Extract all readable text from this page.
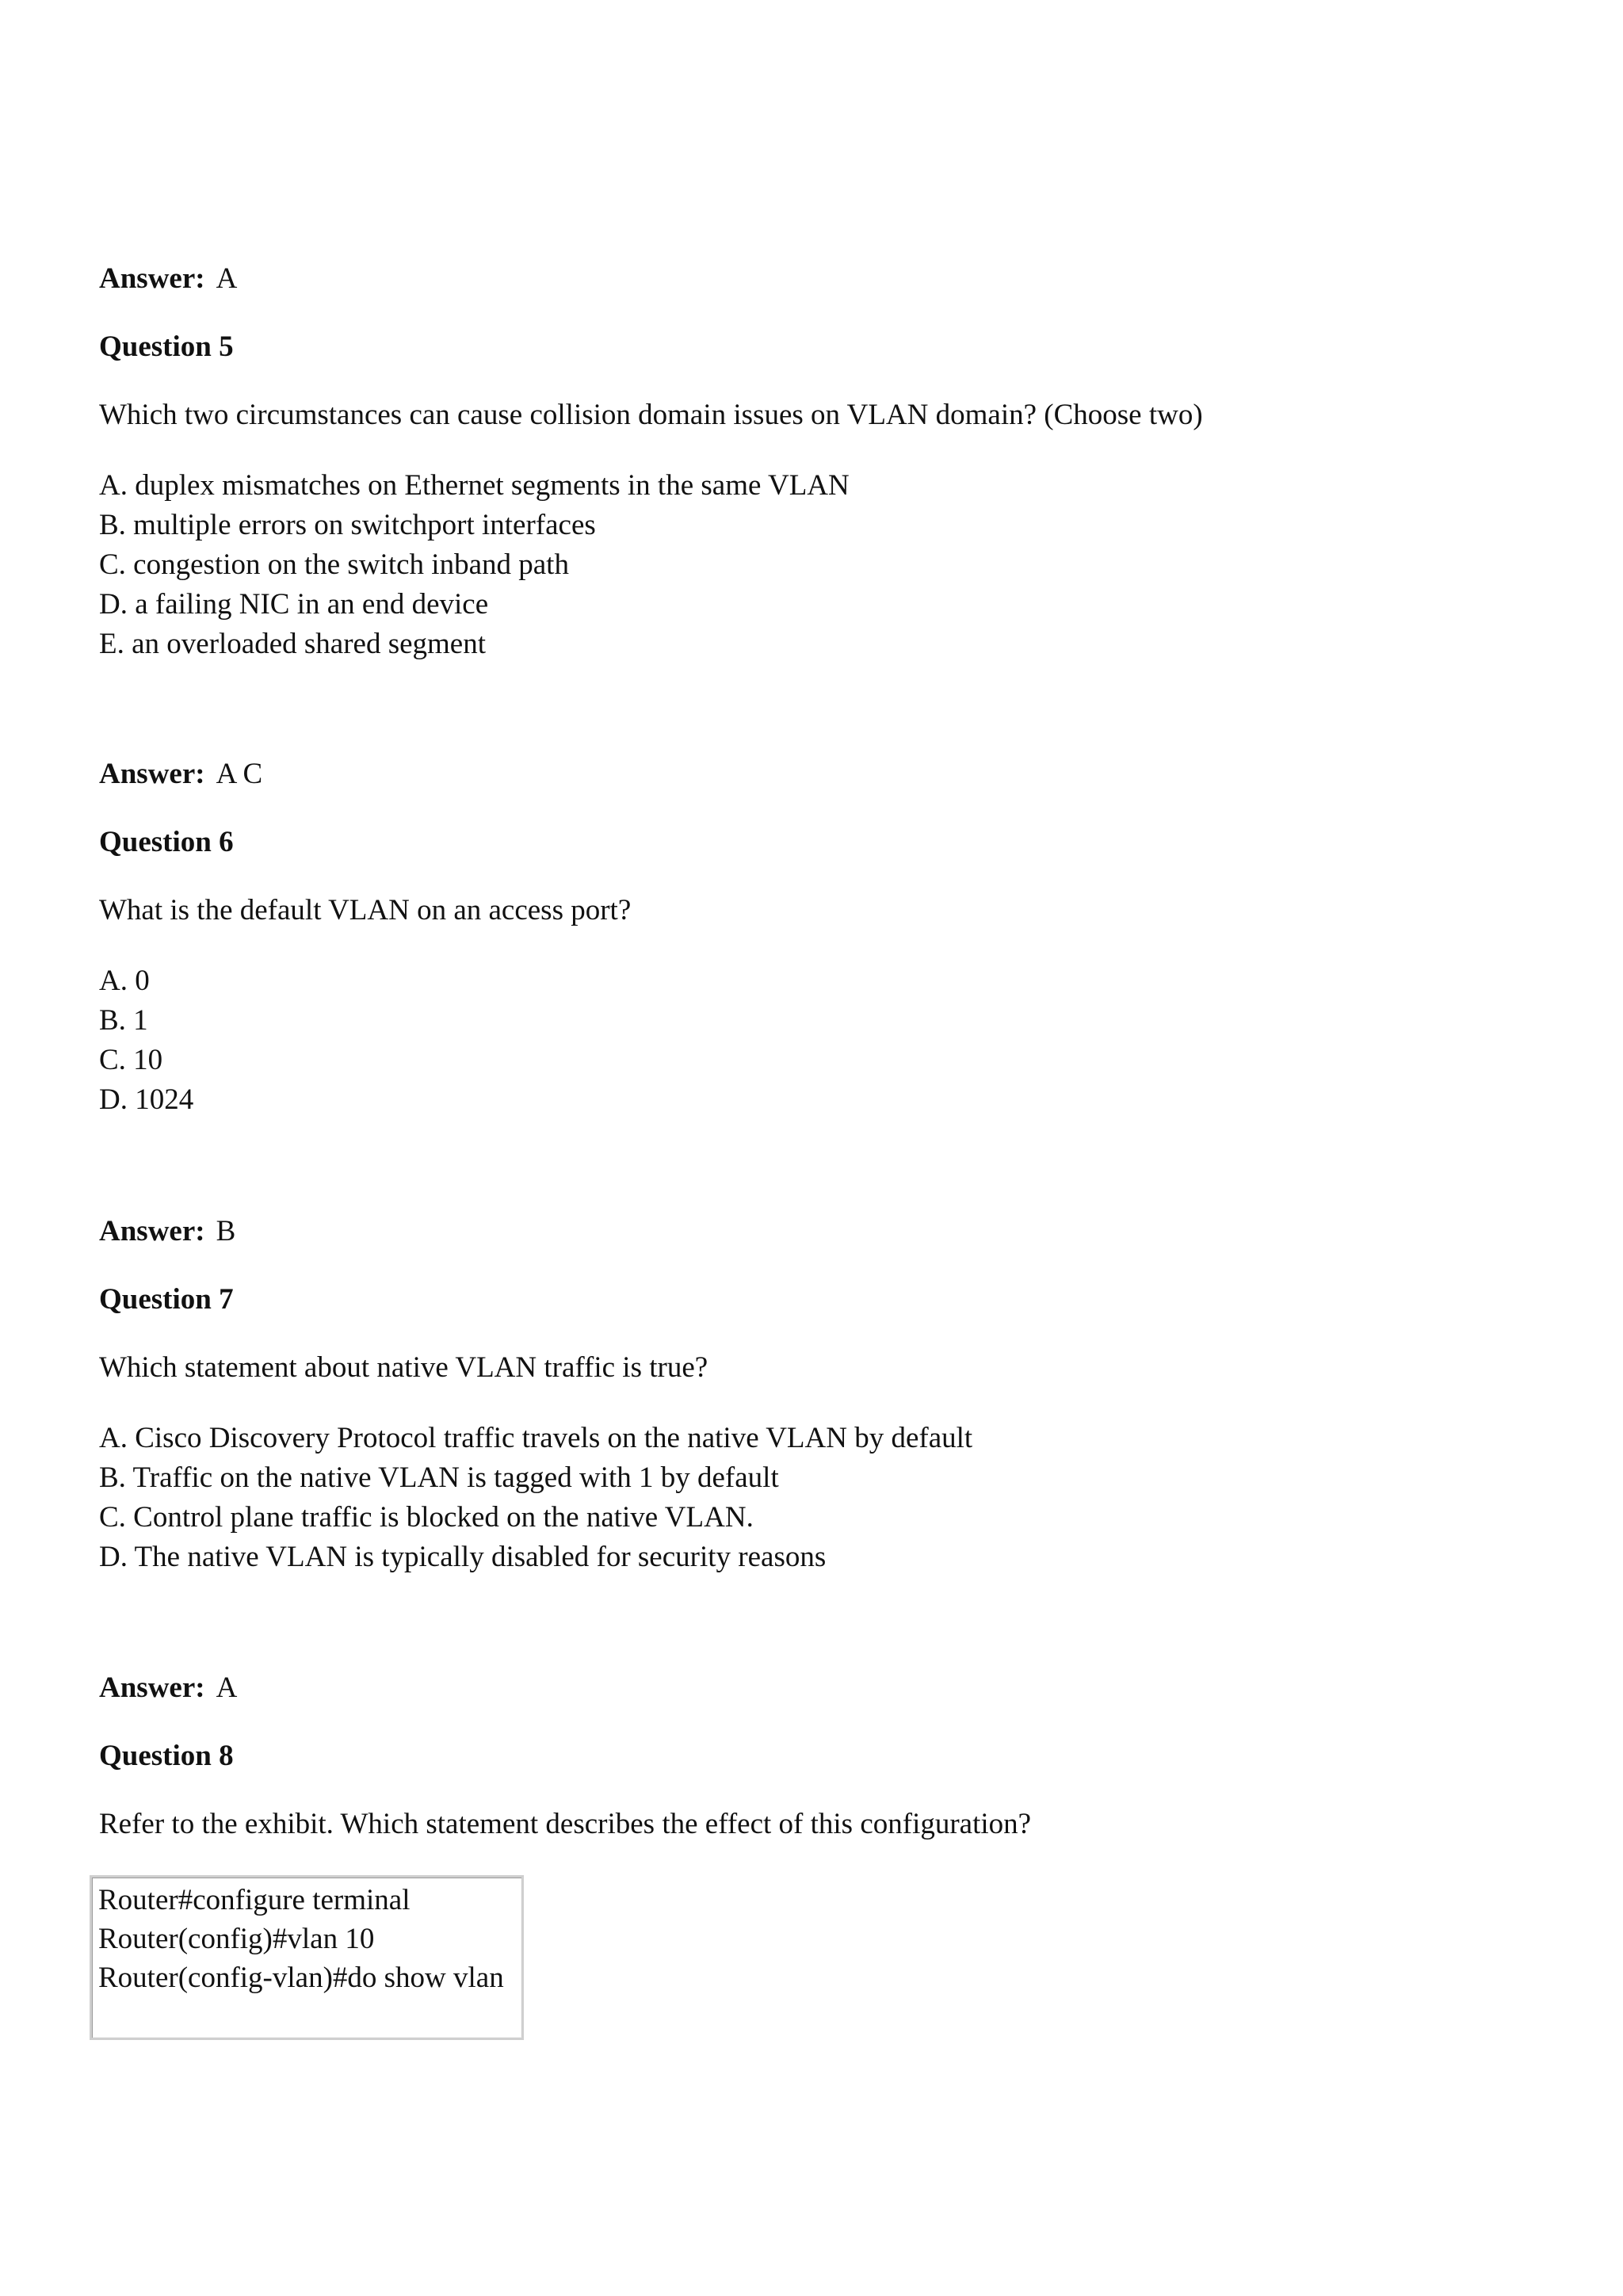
Answer: A

Question 5

Which two circumstances can cause collision domain issues on VLAN domain? (Choose two)

A. duplex mismatches on Ethernet segments in the same VLAN
B. multiple errors on switchport interfaces
C. congestion on the switch inband path
D. a failing NIC in an end device
E. an overloaded shared segment

Answer: A C

Question 6

What is the default VLAN on an access port?

A. 0
B. 1
C. 10
D. 1024

Answer: B

Question 7

Which statement about native VLAN traffic is true?

A. Cisco Discovery Protocol traffic travels on the native VLAN by default
B. Traffic on the native VLAN is tagged with 1 by default
C. Control plane traffic is blocked on the native VLAN.
D. The native VLAN is typically disabled for security reasons

Answer: A

Question 8

Refer to the exhibit. Which statement describes the effect of this configuration?

Router#configure terminal
Router(config)#vlan 10
Router(config-vlan)#do show vlan
